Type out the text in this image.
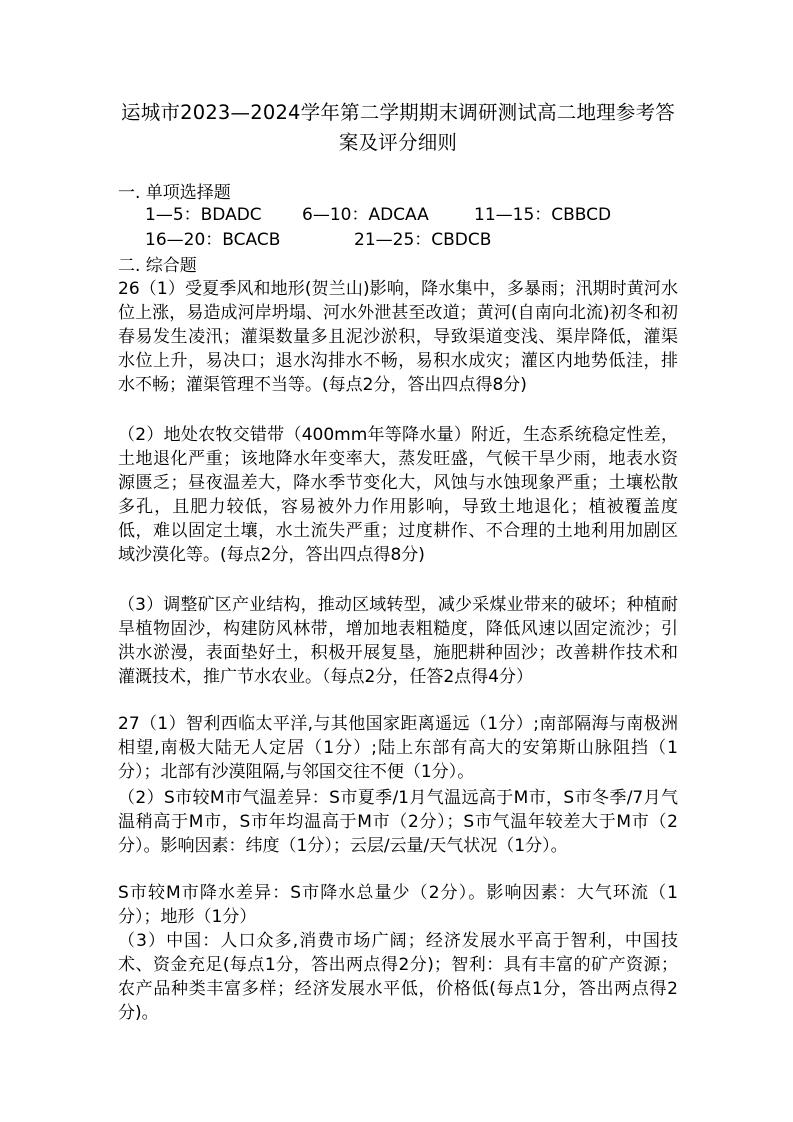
运城市2023—2024学年第二学期期末调研测试高二地理参考答案及评分细则
一. 单项选择题
1—5：BDADC 6—10：ADCAA	11—15：CBBCD
16—20：BCACB	21—25：CBDCB
二. 综合题
26（1）受夏季风和地形(贺兰山)影响，降水集中，多暴雨；汛期时黄河水位上涨，易造成河岸坍塌、河水外泄甚至改道；黄河(自南向北流)初冬和初春易发生凌汛；灌渠数量多且泥沙淤积，导致渠道变浅、渠岸降低，灌渠水位上升，易决口；退水沟排水不畅，易积水成灾；灌区内地势低洼，排水不畅；灌渠管理不当等。(每点2分，答出四点得8分)
（2）地处农牧交错带（400mm年等降水量）附近，生态系统稳定性差，土地退化严重；该地降水年变率大，蒸发旺盛，气候干旱少雨，地表水资源匮乏；昼夜温差大，降水季节变化大，风蚀与水蚀现象严重；土壤松散多孔，且肥力较低，容易被外力作用影响，导致土地退化；植被覆盖度低，难以固定土壤，水土流失严重；过度耕作、不合理的土地利用加剧区域沙漠化等。(每点2分，答出四点得8分)
（3）调整矿区产业结构，推动区域转型，减少采煤业带来的破坏；种植耐旱植物固沙，构建防风林带，增加地表粗糙度，降低风速以固定流沙；引洪水淤漫，表面垫好土，积极开展复垦，施肥耕种固沙；改善耕作技术和灌溉技术，推广节水农业。（每点2分，任答2点得4分）
27（1）智利西临太平洋,与其他国家距离遥远（1分）;南部隔海与南极洲相望,南极大陆无人定居（1分）;陆上东部有高大的安第斯山脉阻挡（1分）；北部有沙漠阻隔,与邻国交往不便（1分）。
（2）S市较M市气温差异：S市夏季/1月气温远高于M市，S市冬季/7月气温稍高于M市，S市年均温高于M市（2分）；S市气温年较差大于M市（2分）。影响因素：纬度（1分）；云层/云量/天气状况（1分）。
S市较M市降水差异：S市降水总量少（2分）。影响因素：大气环流（1分）；地形（1分）
（3）中国：人口众多,消费市场广阔；经济发展水平高于智利，中国技术、资金充足(每点1分，答出两点得2分)；智利：具有丰富的矿产资源；农产品种类丰富多样；经济发展水平低，价格低(每点1分，答出两点得2分)。
